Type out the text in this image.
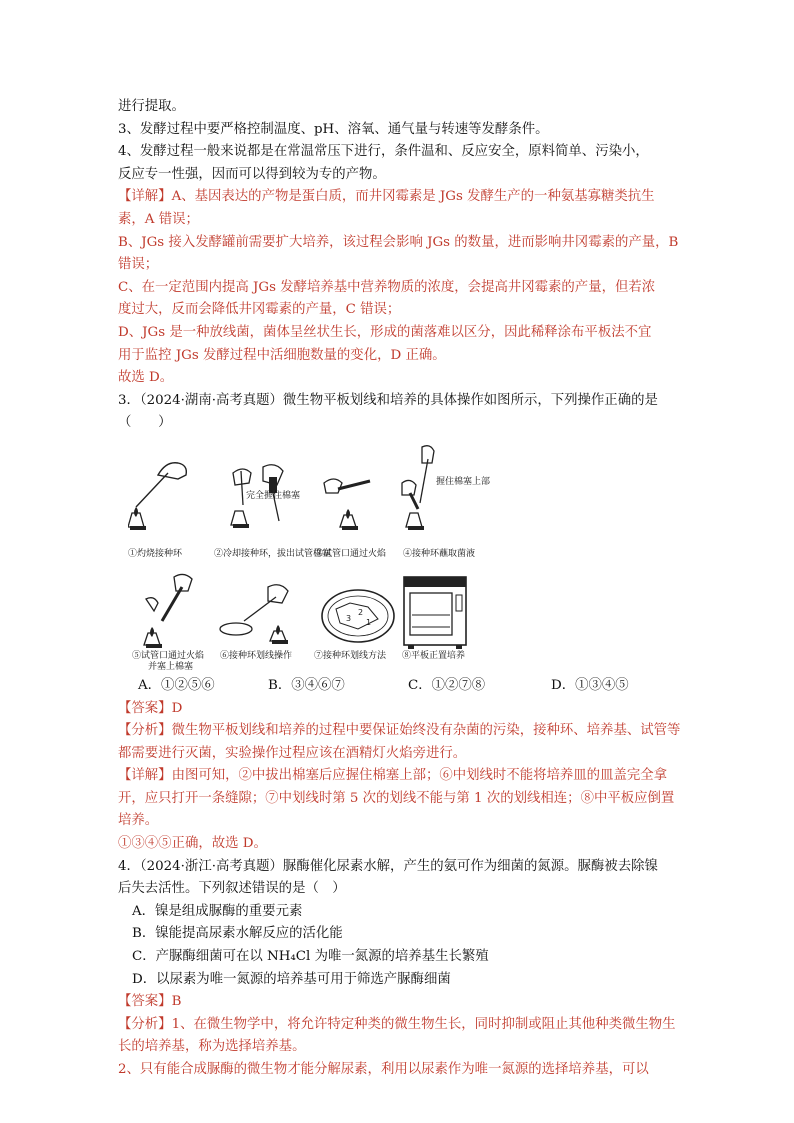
进行提取。

3、发酵过程中要严格控制温度、pH、溶氧、通气量与转速等发酵条件。

4、发酵过程一般来说都是在常温常压下进行，条件温和、反应安全，原料简单、污染小，

反应专一性强，因而可以得到较为专的产物。

【详解】A、基因表达的产物是蛋白质，而井冈霉素是 JGs 发酵生产的一种氨基寡糖类抗生

素，A 错误；

B、JGs 接入发酵罐前需要扩大培养，该过程会影响 JGs 的数量，进而影响井冈霉素的产量，B

错误；

C、在一定范围内提高 JGs 发酵培养基中营养物质的浓度，会提高井冈霉素的产量，但若浓

度过大，反而会降低井冈霉素的产量，C 错误；

D、JGs 是一种放线菌，菌体呈丝状生长，形成的菌落难以区分，因此稀释涂布平板法不宜

用于监控 JGs 发酵过程中活细胞数量的变化，D 正确。

故选 D。

3．（2024·湖南·高考真题）微生物平板划线和培养的具体操作如图所示，下列操作正确的是

（　　）

完全握住棉塞
握住棉塞上部
①灼烧接种环	②冷却接种环，拔出试管棉塞
③试管口通过火焰 ④接种环蘸取菌液
3
2
1
⑤试管口通过火焰
并塞上棉塞
⑥接种环划线操作 ⑦接种环划线方法 ⑧平板正置培养
A．①②⑤⑥	B．③④⑥⑦	C．①②⑦⑧	D．①③④⑤

【答案】D

【分析】微生物平板划线和培养的过程中要保证始终没有杂菌的污染，接种环、培养基、试管等都需要进行灭菌，实验操作过程应该在酒精灯火焰旁进行。

【详解】由图可知，②中拔出棉塞后应握住棉塞上部；⑥中划线时不能将培养皿的皿盖完全拿开，应只打开一条缝隙；⑦中划线时第 5 次的划线不能与第 1 次的划线相连；⑧中平板应倒置培养。

①③④⑤正确，故选 D。

4．（2024·浙江·高考真题）脲酶催化尿素水解，产生的氨可作为细菌的氮源。脲酶被去除镍

后失去活性。下列叙述错误的是（　）

A．镍是组成脲酶的重要元素

B．镍能提高尿素水解反应的活化能

C．产脲酶细菌可在以 NH₄Cl 为唯一氮源的培养基生长繁殖

D．以尿素为唯一氮源的培养基可用于筛选产脲酶细菌

【答案】B

【分析】1、在微生物学中，将允许特定种类的微生物生长，同时抑制或阻止其他种类微生物生长的培养基，称为选择培养基。

2、只有能合成脲酶的微生物才能分解尿素，利用以尿素作为唯一氮源的选择培养基，可以
